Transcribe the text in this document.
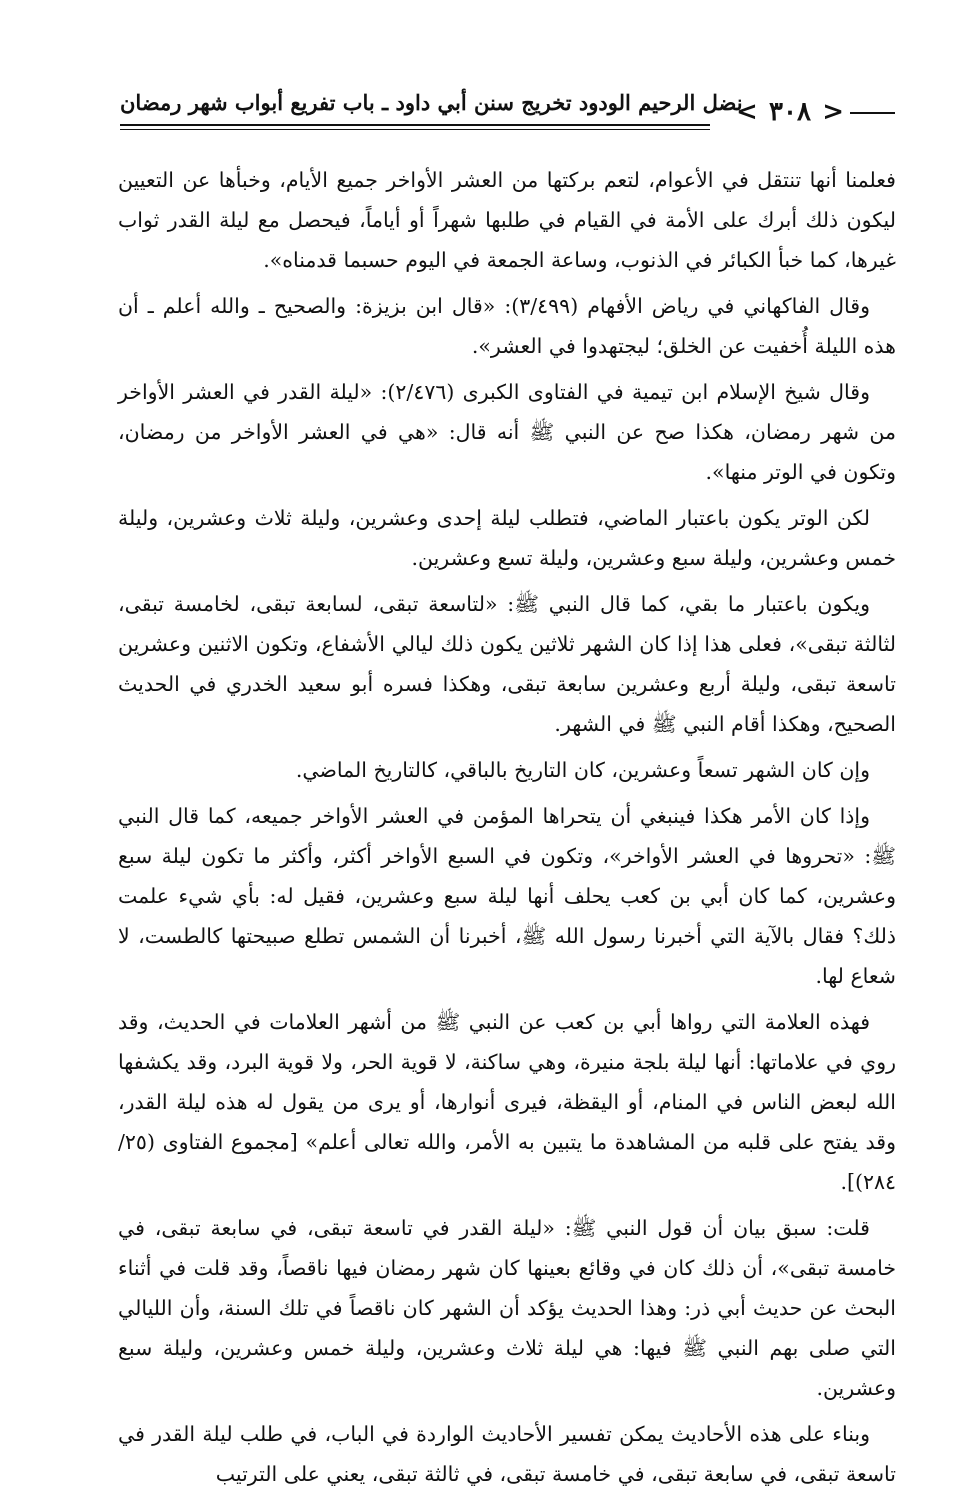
نضل الرحيم الودود تخريج سنن أبي داود ـ باب تفريع أبواب شهر رمضان
<	٣٠٨ >

فعلمنا أنها تنتقل في الأعوام، لتعم بركتها من العشر الأواخر جميع الأيام، وخبأها عن التعيين ليكون ذلك أبرك على الأمة في القيام في طلبها شهراً أو أياماً، فيحصل مع ليلة القدر ثواب غيرها، كما خبأ الكبائر في الذنوب، وساعة الجمعة في اليوم حسبما قدمناه».

وقال الفاكهاني في رياض الأفهام (٣/٤٩٩): «قال ابن بزيزة: والصحيح ـ والله أعلم ـ أن هذه الليلة أُخفيت عن الخلق؛ ليجتهدوا في العشر».

وقال شيخ الإسلام ابن تيمية في الفتاوى الكبرى (٢/٤٧٦): «ليلة القدر في العشر الأواخر من شهر رمضان، هكذا صح عن النبي ﷺ أنه قال: «هي في العشر الأواخر من رمضان، وتكون في الوتر منها».

لكن الوتر يكون باعتبار الماضي، فتطلب ليلة إحدى وعشرين، وليلة ثلاث وعشرين، وليلة خمس وعشرين، وليلة سبع وعشرين، وليلة تسع وعشرين.

ويكون باعتبار ما بقي، كما قال النبي ﷺ: «لتاسعة تبقى، لسابعة تبقى، لخامسة تبقى، لثالثة تبقى»، فعلى هذا إذا كان الشهر ثلاثين يكون ذلك ليالي الأشفاع، وتكون الاثنين وعشرين تاسعة تبقى، وليلة أربع وعشرين سابعة تبقى، وهكذا فسره أبو سعيد الخدري في الحديث الصحيح، وهكذا أقام النبي ﷺ في الشهر.

وإن كان الشهر تسعاً وعشرين، كان التاريخ بالباقي، كالتاريخ الماضي.

وإذا كان الأمر هكذا فينبغي أن يتحراها المؤمن في العشر الأواخر جميعه، كما قال النبي ﷺ: «تحروها في العشر الأواخر»، وتكون في السبع الأواخر أكثر، وأكثر ما تكون ليلة سبع وعشرين، كما كان أبي بن كعب يحلف أنها ليلة سبع وعشرين، فقيل له: بأي شيء علمت ذلك؟ فقال بالآية التي أخبرنا رسول الله ﷺ، أخبرنا أن الشمس تطلع صبيحتها كالطست، لا شعاع لها.

فهذه العلامة التي رواها أبي بن كعب عن النبي ﷺ من أشهر العلامات في الحديث، وقد روي في علاماتها: أنها ليلة بلجة منيرة، وهي ساكنة، لا قوية الحر، ولا قوية البرد، وقد يكشفها الله لبعض الناس في المنام، أو اليقظة، فيرى أنوارها، أو يرى من يقول له هذه ليلة القدر، وقد يفتح على قلبه من المشاهدة ما يتبين به الأمر، والله تعالى أعلم» [مجموع الفتاوى (٢٥/ ٢٨٤)].

قلت: سبق بيان أن قول النبي ﷺ: «ليلة القدر في تاسعة تبقى، في سابعة تبقى، في خامسة تبقى»، أن ذلك كان في وقائع بعينها كان شهر رمضان فيها ناقصاً، وقد قلت في أثناء البحث عن حديث أبي ذر: وهذا الحديث يؤكد أن الشهر كان ناقصاً في تلك السنة، وأن الليالي التي صلى بهم النبي ﷺ فيها: هي ليلة ثلاث وعشرين، وليلة خمس وعشرين، وليلة سبع وعشرين.

وبناء على هذه الأحاديث يمكن تفسير الأحاديث الواردة في الباب، في طلب ليلة القدر في تاسعة تبقى، في سابعة تبقى، في خامسة تبقى، في ثالثة تبقى، يعني على الترتيب
